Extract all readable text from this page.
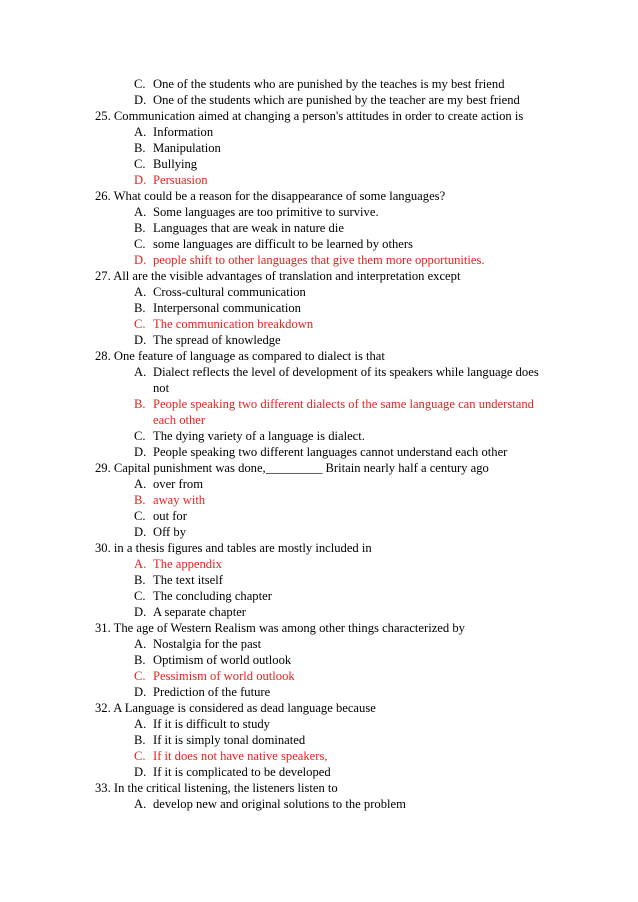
C. One of the students who are punished by the teaches is my best friend
D. One of the students which are punished by the teacher are my best friend
25. Communication aimed at changing a person's attitudes in order to create action is
A. Information
B. Manipulation
C. Bullying
D. Persuasion
26. What could be a reason for the disappearance of some languages?
A. Some languages are too primitive to survive.
B. Languages that are weak in nature die
C. some languages are difficult to be learned by others
D. people shift to other languages that give them more opportunities.
27. All are the visible advantages of translation and interpretation except
A. Cross-cultural communication
B. Interpersonal communication
C. The communication breakdown
D. The spread of knowledge
28. One feature of language as compared to dialect is that
A. Dialect reflects the level of development of its speakers while language does not
B. People speaking two different dialects of the same language can understand each other
C. The dying variety of a language is dialect.
D. People speaking two different languages cannot understand each other
29. Capital punishment was done,_________ Britain nearly half a century ago
A. over from
B. away with
C. out for
D. Off by
30. in a thesis figures and tables are mostly included in
A. The appendix
B. The text itself
C. The concluding chapter
D. A separate chapter
31. The age of Western Realism was among other things characterized by
A. Nostalgia for the past
B. Optimism of world outlook
C. Pessimism of world outlook
D. Prediction of the future
32. A Language is considered as dead language because
A. If it is difficult to study
B. If it is simply tonal dominated
C. If it does not have native speakers,
D. If it is complicated to be developed
33. In the critical listening, the listeners listen to
A. develop new and original solutions to the problem
